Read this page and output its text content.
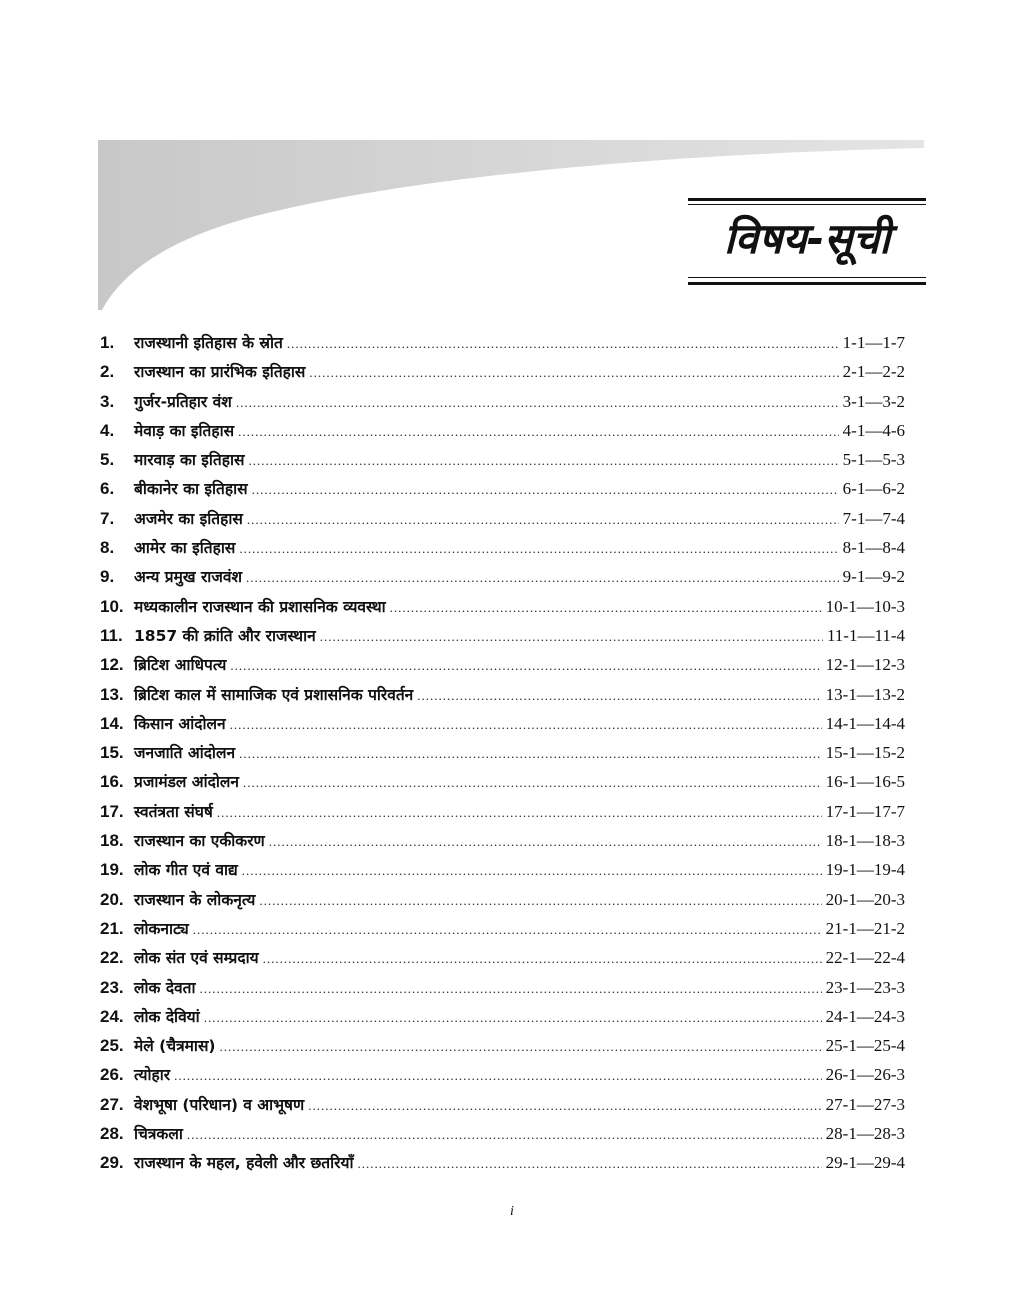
विषय-सूची
1.	राजस्थानी इतिहास के स्रोत .....	1-1—1-7
2.	राजस्थान का प्रारंभिक इतिहास .....	2-1—2-2
3.	गुर्जर-प्रतिहार वंश .....	3-1—3-2
4.	मेवाड़ का इतिहास .....	4-1—4-6
5.	मारवाड़ का इतिहास .....	5-1—5-3
6.	बीकानेर का इतिहास .....	6-1—6-2
7.	अजमेर का इतिहास .....	7-1—7-4
8.	आमेर का इतिहास .....	8-1—8-4
9.	अन्य प्रमुख राजवंश .....	9-1—9-2
10. मध्यकालीन राजस्थान की प्रशासनिक व्यवस्था .....	10-1—10-3
11. 1857 की क्रांति और राजस्थान .....	11-1—11-4
12. ब्रिटिश आधिपत्य .....	12-1—12-3
13. ब्रिटिश काल में सामाजिक एवं प्रशासनिक परिवर्तन .....	13-1—13-2
14. किसान आंदोलन .....	14-1—14-4
15. जनजाति आंदोलन .....	15-1—15-2
16. प्रजामंडल आंदोलन .....	16-1—16-5
17. स्वतंत्रता संघर्ष .....	17-1—17-7
18. राजस्थान का एकीकरण .....	18-1—18-3
19. लोक गीत एवं वाद्य .....	19-1—19-4
20. राजस्थान के लोकनृत्य .....	20-1—20-3
21. लोकनाट्य .....	21-1—21-2
22. लोक संत एवं सम्प्रदाय .....	22-1—22-4
23. लोक देवता .....	23-1—23-3
24. लोक देवियां .....	24-1—24-3
25. मेले (चैत्रमास) .....	25-1—25-4
26. त्योहार .....	26-1—26-3
27. वेशभूषा (परिधान) व आभूषण .....	27-1—27-3
28. चित्रकला .....	28-1—28-3
29. राजस्थान के महल, हवेली और छतरियाँ .....	29-1—29-4
i
